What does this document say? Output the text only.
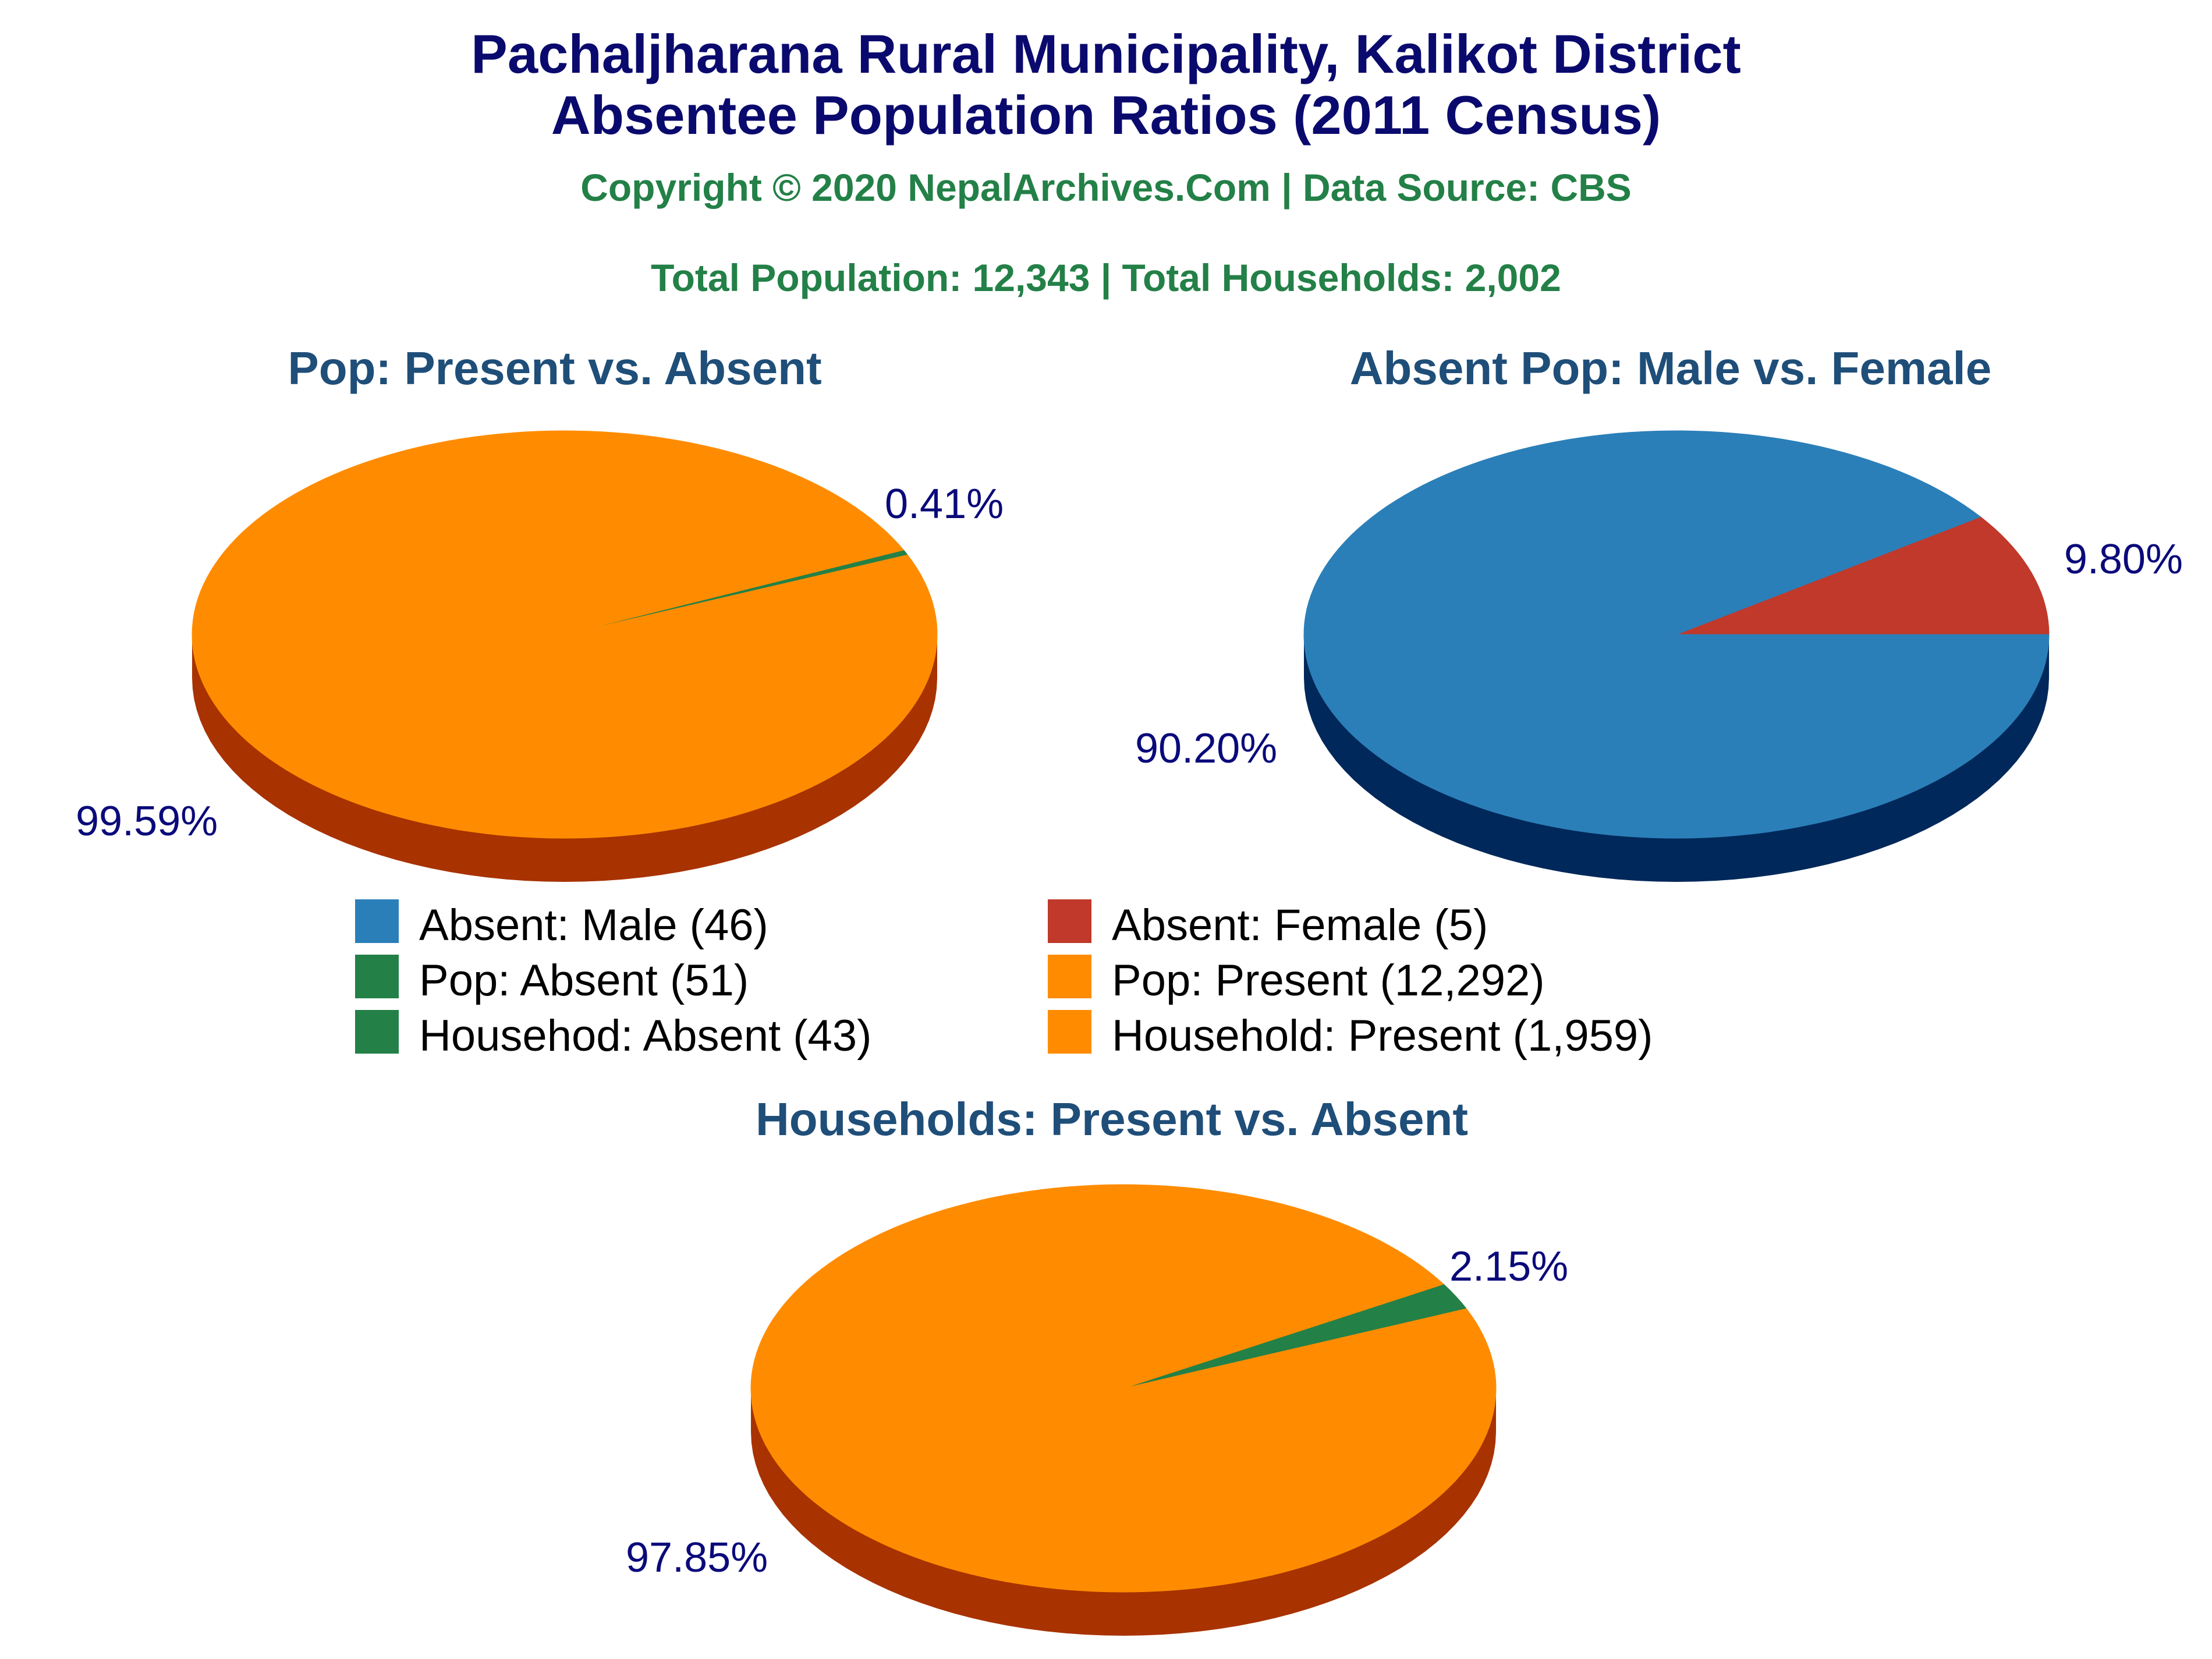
Pachaljharana Rural Municipality, Kalikot District
Absentee Population Ratios (2011 Census)
Copyright © 2020 NepalArchives.Com | Data Source: CBS
Total Population: 12,343 | Total Households: 2,002
Pop: Present vs. Absent	Absent Pop: Male vs. Female
Households: Present vs. Absent
0.41%
99.59%
9.80%
90.20%
2.15%
97.85%
Absent: Male (46)	Absent: Female (5)
Pop: Absent (51)	Pop: Present (12,292)
Househod: Absent (43)	Household: Present (1,959)
